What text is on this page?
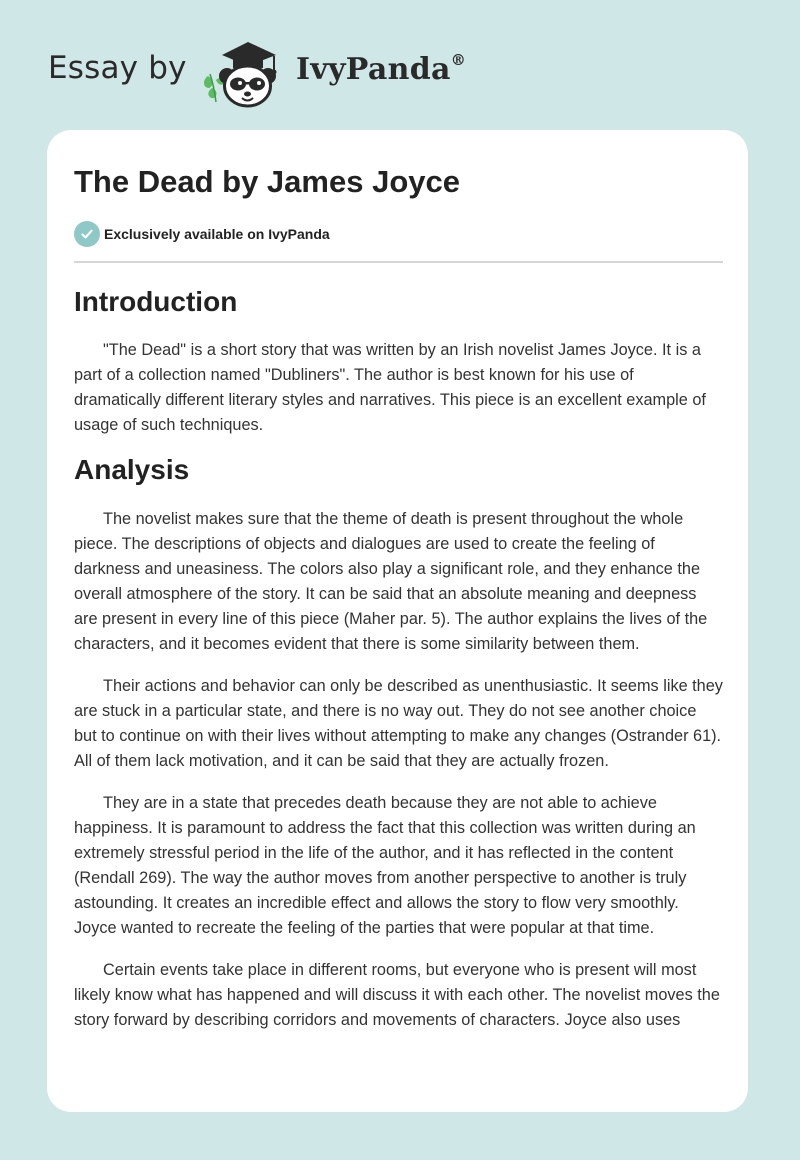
Essay by	IvyPanda®
The Dead by James Joyce
Exclusively available on IvyPanda
Introduction

"The Dead" is a short story that was written by an Irish novelist James Joyce. It is a part of a collection named "Dubliners". The author is best known for his use of dramatically different literary styles and narratives. This piece is an excellent example of usage of such techniques.

Analysis

The novelist makes sure that the theme of death is present throughout the whole piece. The descriptions of objects and dialogues are used to create the feeling of darkness and uneasiness. The colors also play a significant role, and they enhance the overall atmosphere of the story. It can be said that an absolute meaning and deepness are present in every line of this piece (Maher par. 5). The author explains the lives of the characters, and it becomes evident that there is some similarity between them.

Their actions and behavior can only be described as unenthusiastic. It seems like they are stuck in a particular state, and there is no way out. They do not see another choice but to continue on with their lives without attempting to make any changes (Ostrander 61). All of them lack motivation, and it can be said that they are actually frozen.

They are in a state that precedes death because they are not able to achieve happiness. It is paramount to address the fact that this collection was written during an extremely stressful period in the life of the author, and it has reflected in the content (Rendall 269). The way the author moves from another perspective to another is truly astounding. It creates an incredible effect and allows the story to flow very smoothly. Joyce wanted to recreate the feeling of the parties that were popular at that time.

Certain events take place in different rooms, but everyone who is present will most likely know what has happened and will discuss it with each other. The novelist moves the story forward by describing corridors and movements of characters. Joyce also uses
